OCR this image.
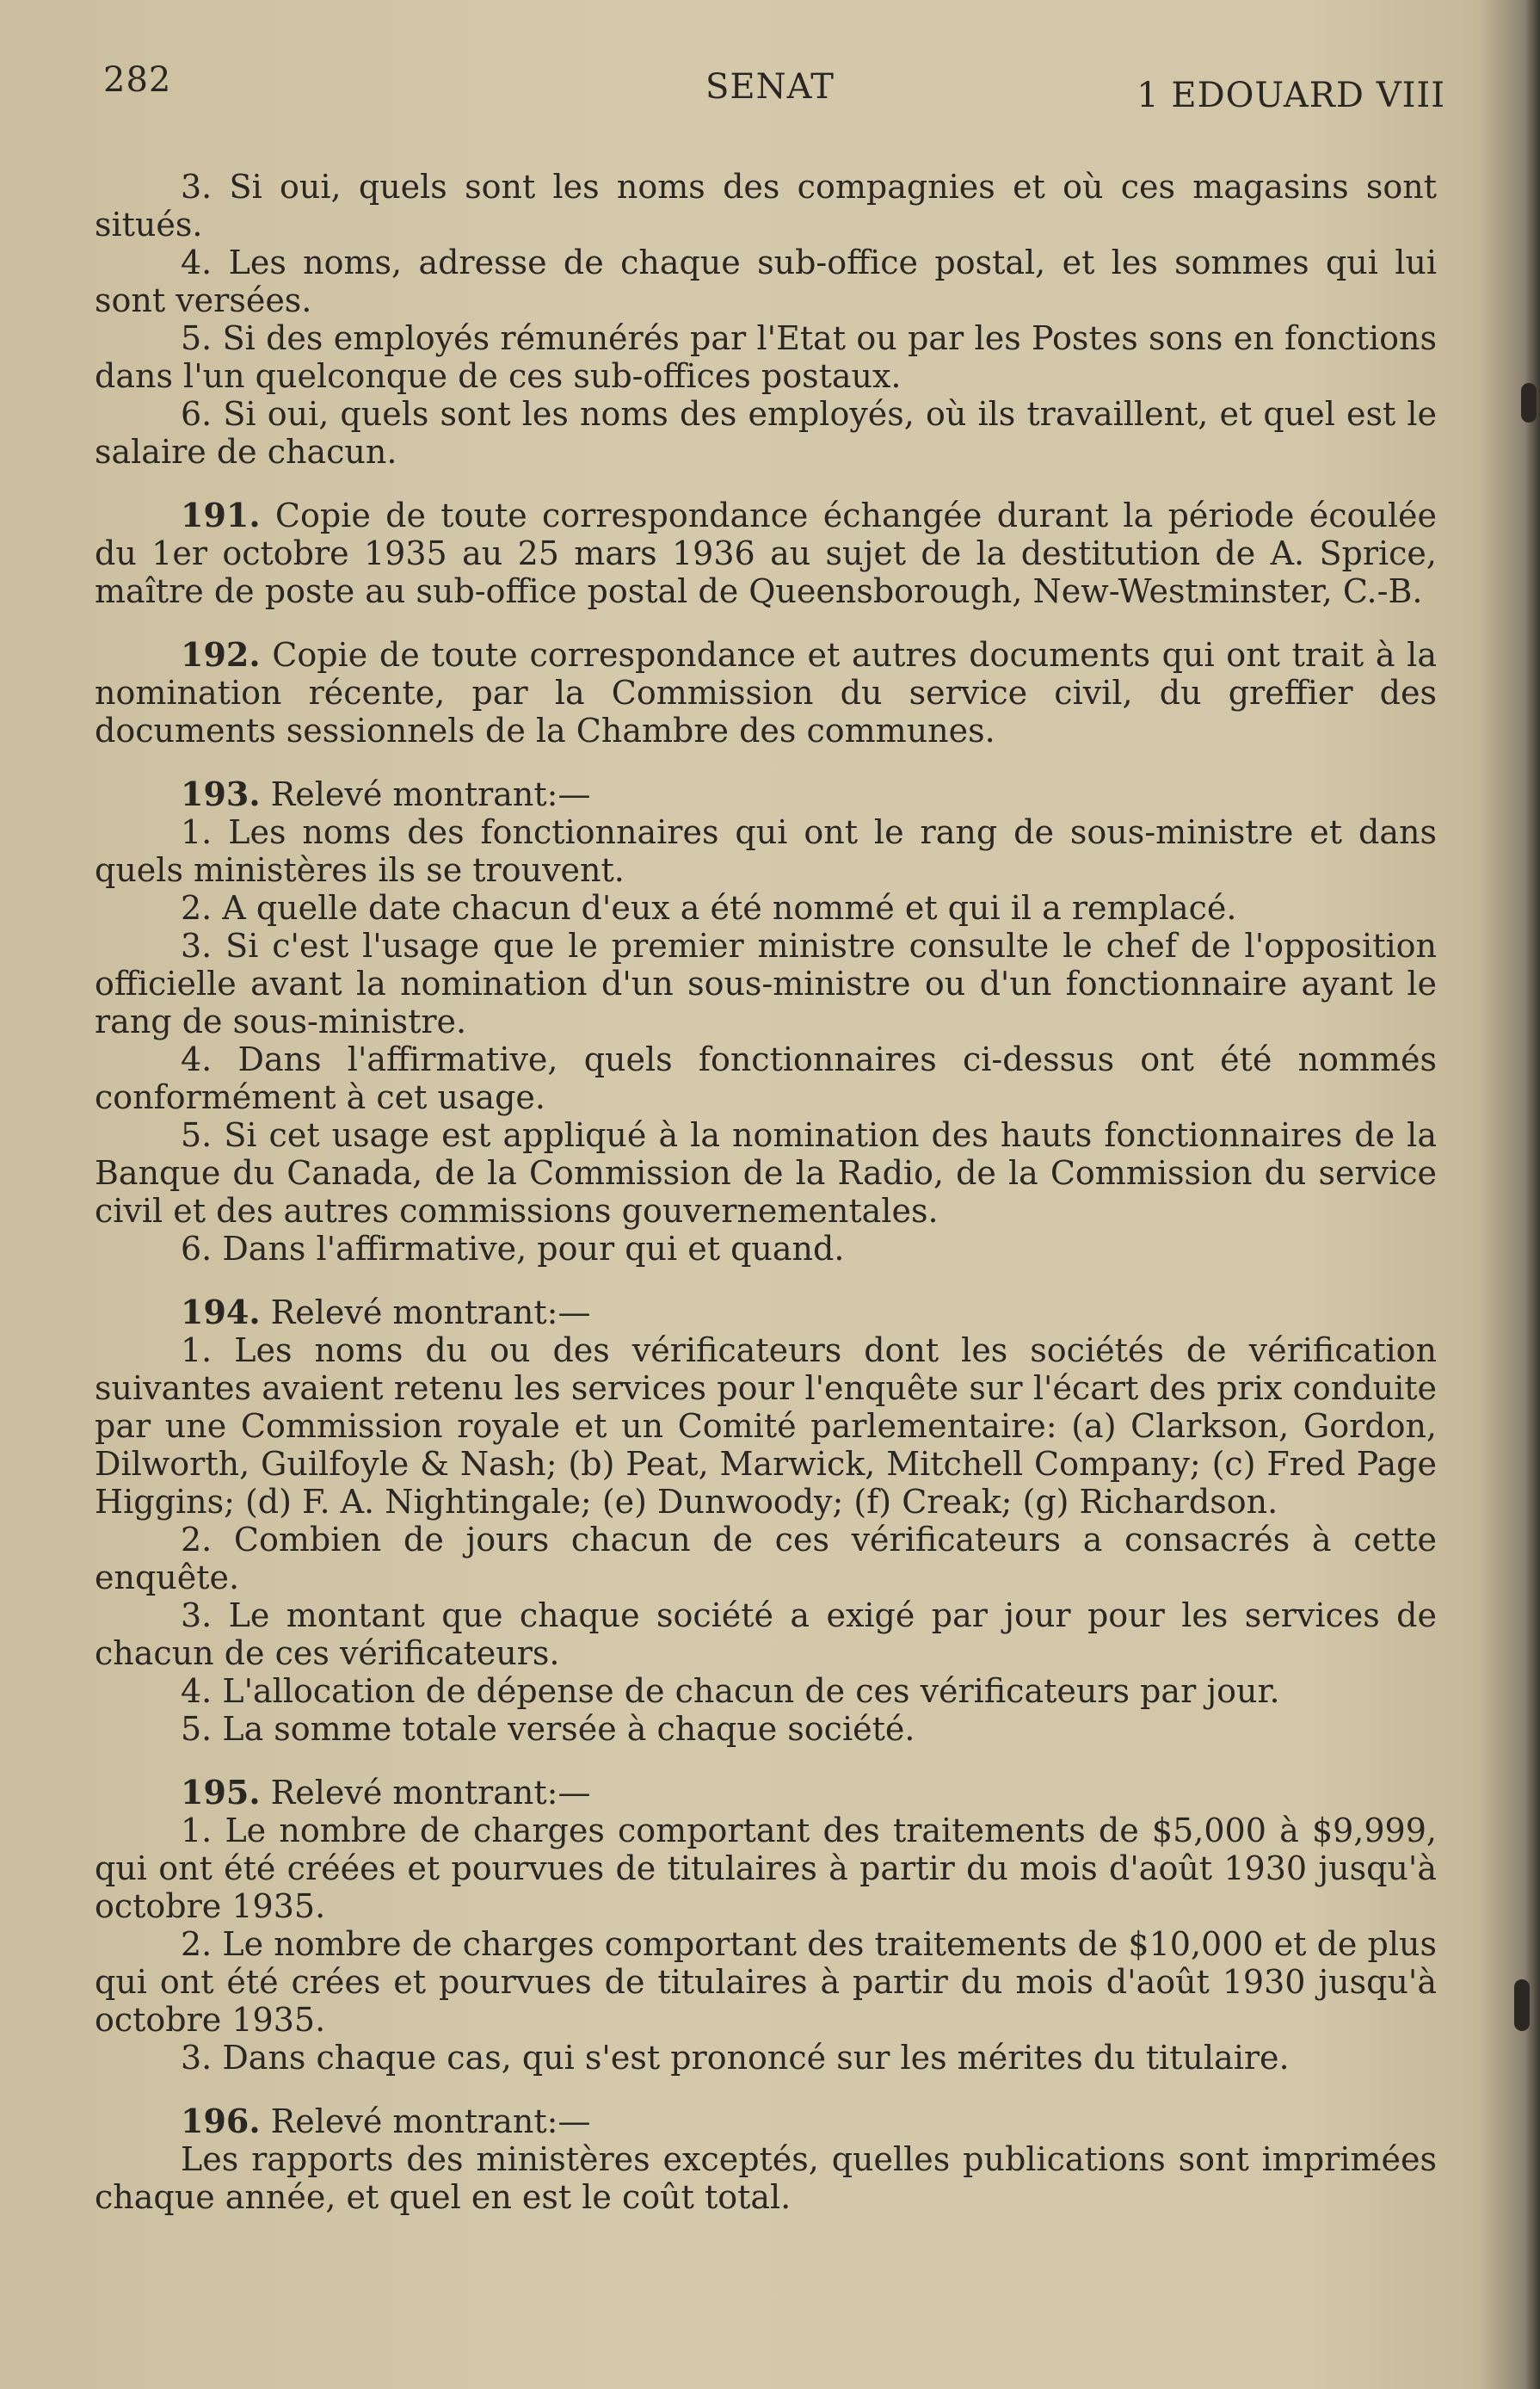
282	SENAT	1 EDOUARD VIII

3. Si oui, quels sont les noms des compagnies et où ces magasins sont situés.

4. Les noms, adresse de chaque sub-office postal, et les sommes qui lui sont versées.

5. Si des employés rémunérés par l'Etat ou par les Postes sons en fonctions dans l'un quelconque de ces sub-offices postaux.

6. Si oui, quels sont les noms des employés, où ils travaillent, et quel est le salaire de chacun.

191. Copie de toute correspondance échangée durant la période écoulée du 1er octobre 1935 au 25 mars 1936 au sujet de la destitution de A. Sprice, maître de poste au sub-office postal de Queensborough, New-Westminster, C.-B.

192. Copie de toute correspondance et autres documents qui ont trait à la nomination récente, par la Commission du service civil, du greffier des documents sessionnels de la Chambre des communes.

193. Relevé montrant:—

1. Les noms des fonctionnaires qui ont le rang de sous-ministre et dans quels ministères ils se trouvent.

2. A quelle date chacun d'eux a été nommé et qui il a remplacé.

3. Si c'est l'usage que le premier ministre consulte le chef de l'opposition officielle avant la nomination d'un sous-ministre ou d'un fonctionnaire ayant le rang de sous-ministre.

4. Dans l'affirmative, quels fonctionnaires ci-dessus ont été nommés conformément à cet usage.

5. Si cet usage est appliqué à la nomination des hauts fonctionnaires de la Banque du Canada, de la Commission de la Radio, de la Commission du service civil et des autres commissions gouvernementales.

6. Dans l'affirmative, pour qui et quand.

194. Relevé montrant:—

1. Les noms du ou des vérificateurs dont les sociétés de vérification suivantes avaient retenu les services pour l'enquête sur l'écart des prix conduite par une Commission royale et un Comité parlementaire: (a) Clarkson, Gordon, Dilworth, Guilfoyle & Nash; (b) Peat, Marwick, Mitchell Company; (c) Fred Page Higgins; (d) F. A. Nightingale; (e) Dunwoody; (f) Creak; (g) Richardson.

2. Combien de jours chacun de ces vérificateurs a consacrés à cette enquête.

3. Le montant que chaque société a exigé par jour pour les services de chacun de ces vérificateurs.

4. L'allocation de dépense de chacun de ces vérificateurs par jour.

5. La somme totale versée à chaque société.

195. Relevé montrant:—

1. Le nombre de charges comportant des traitements de $5,000 à $9,999, qui ont été créées et pourvues de titulaires à partir du mois d'août 1930 jusqu'à octobre 1935.

2. Le nombre de charges comportant des traitements de $10,000 et de plus qui ont été crées et pourvues de titulaires à partir du mois d'août 1930 jusqu'à octobre 1935.

3. Dans chaque cas, qui s'est prononcé sur les mérites du titulaire.

196. Relevé montrant:—

Les rapports des ministères exceptés, quelles publications sont imprimées chaque année, et quel en est le coût total.
